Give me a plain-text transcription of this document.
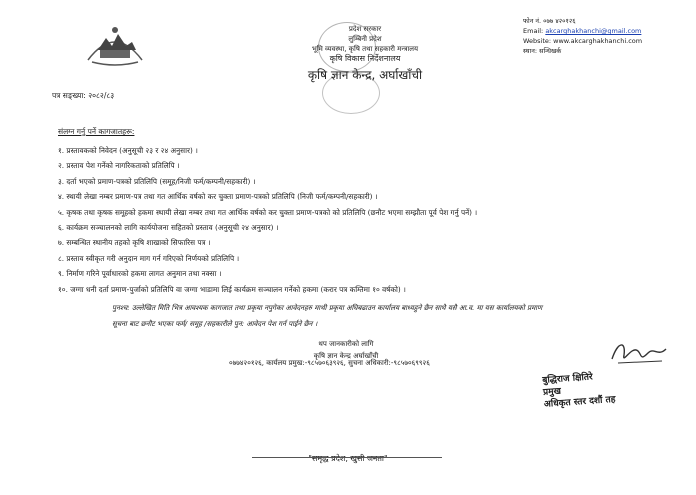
प्रदेश सरकार
लुम्बिनी प्रदेश
भूमि व्यवस्था, कृषि तथा सहकारी मन्त्रालय
कृषि विकास निर्देशनालय
कृषि ज्ञान केन्द्र, अर्घाखाँची
फोन नं. ०७७ ४२०१२६
Email: akcarghakhanchi@gmail.com
Website: www.akcarghakhanchi.com
स्थान: सन्धिखर्क
पत्र सङ्ख्या: २०८२/८३
संलग्न गर्नु पर्ने कागजातहरू:
१. प्रस्तावकको निवेदन (अनुसूची २३ र २४ अनुसार) ।
२. प्रस्ताव पेश गर्नेको नागरिकताको प्रतिलिपि ।
३. दर्ता भएको प्रमाण-पत्रको प्रतिलिपि (समूह/निजी फर्म/कम्पनी/सहकारी) ।
४. स्थायी लेखा नम्बर प्रमाण-पत्र तथा गत आर्थिक वर्षको कर चुक्ता प्रमाण-पत्रको प्रतिलिपि (निजी फर्म/कम्पनी/सहकारी) ।
५. कृषक तथा कृषक समूहको हकमा स्थायी लेखा नम्बर तथा गत आर्थिक वर्षको कर चुक्ता प्रमाण-पत्रको को प्रतिलिपि (छनौट भएमा सम्झौता पूर्व पेश गर्नु पर्ने) ।
६. कार्यक्रम सञ्चालनको लागि कार्ययोजना सहितको प्रस्ताव (अनुसूची २४ अनुसार) ।
७. सम्बन्धित स्थानीय तहको कृषि शाखाको सिफारिस पत्र ।
८. प्रस्ताव स्वीकृत गरी अनुदान माग गर्न गरिएको निर्णयको प्रतिलिपि ।
९. निर्माण गरिने पूर्वाधारको हकमा लागत अनुमान तथा नक्सा ।
१०. जग्गा धनी दर्ता प्रमाण-पुर्जाको प्रतिलिपि वा जग्गा भाडामा लिई कार्यक्रम सञ्चालन गर्नेको हकमा (करार पत्र कम्तिमा १० वर्षको) ।
पुनश्च: उल्लेखित मिति भित्र आवश्यक कागजात तथा प्रकृया नपुगेका आवेदनहरु माथी प्रकृया अघिबढाउन कार्यालय बाध्यहुने छैन साथै यसै आ.व. मा यस कार्यालयको प्रमाण
सूचना बाट छनौट भएका फर्म/ समूह /सहकारीले पुन: आवेदन पेश गर्न पाईने छैन ।
थप जानकारीको लागि
कृषि ज्ञान केन्द्र अर्घाखाँची
०७७४२०१२६, कार्यलय प्रमुख:-९८५७०६३९२६, सुचना अधिकारी:-९८५७०६९९२६
बुद्धिराज क्षितिरे
प्रमुख
अधिकृत स्तर दशौं तह
"समृद्ध प्रदेश, खुसी जनता"
